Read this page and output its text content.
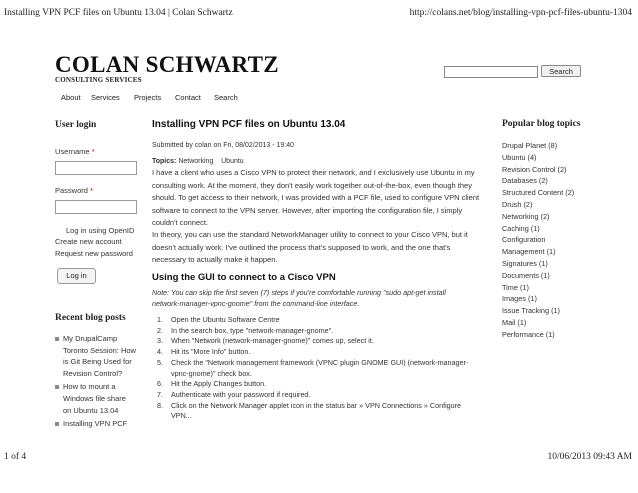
Installing VPN PCF files on Ubuntu 13.04 | Colan Schwartz	http://colans.net/blog/installing-vpn-pcf-files-ubuntu-1304
COLAN SCHWARTZ
CONSULTING SERVICES
Search
About Services Projects Contact Search
User login
Username *
Password *
Log in using OpenID
Create new account
Request new password
Log in
Recent blog posts
My DrupalCamp
Toronto Session: How
is Git Being Used for
Revision Control?
How to mount a
Windows file share
on Ubuntu 13.04
Installing VPN PCF
Installing VPN PCF files on Ubuntu 13.04
Submitted by colan on Fri, 08/02/2013 - 19:40
Topics: Networking Ubuntu
I have a client who uses a Cisco VPN to protect their network, and I exclusively use Ubuntu in my
consulting work. At the moment, they don't easily work together out-of-the-box, even though they
should. To get access to their network, I was provided with a PCF file, used to configure VPN client
software to connect to the VPN server. However, after importing the configuration file, I simply
couldn't connect.
In theory, you can use the standard NetworkManager utility to connect to your Cisco VPN, but it
doesn't actually work. I've outlined the process that's supposed to work, and the one that's
necessary to actually make it happen.
Using the GUI to connect to a Cisco VPN
Note: You can skip the first seven (7) steps if you're comfortable running "sudo apt-get install
network-manager-vpnc-gnome" from the command-line interface.
1. Open the Ubuntu Software Centre
2. In the search box, type "network-manager-gnome".
3. When "Network (network-manager-gnome)" comes up, select it.
4. Hit its "More Info" button.
5. Check the "Network management framework (VPNC plugin GNOME GUI) (network-manager-
vpnc-gnome)" check box.
6. Hit the Apply Changes button.
7. Authenticate with your password if required.
8. Click on the Network Manager applet icon in the status bar » VPN Connections » Configure
VPN...
Popular blog topics
Drupal Planet (8)
Ubuntu (4)
Revision Control (2)
Databases (2)
Structured Content (2)
Drush (2)
Networking (2)
Caching (1)
Configuration
Management (1)
Signatures (1)
Documents (1)
Time (1)
Images (1)
Issue Tracking (1)
Mail (1)
Performance (1)
1 of 4	10/06/2013 09:43 AM
